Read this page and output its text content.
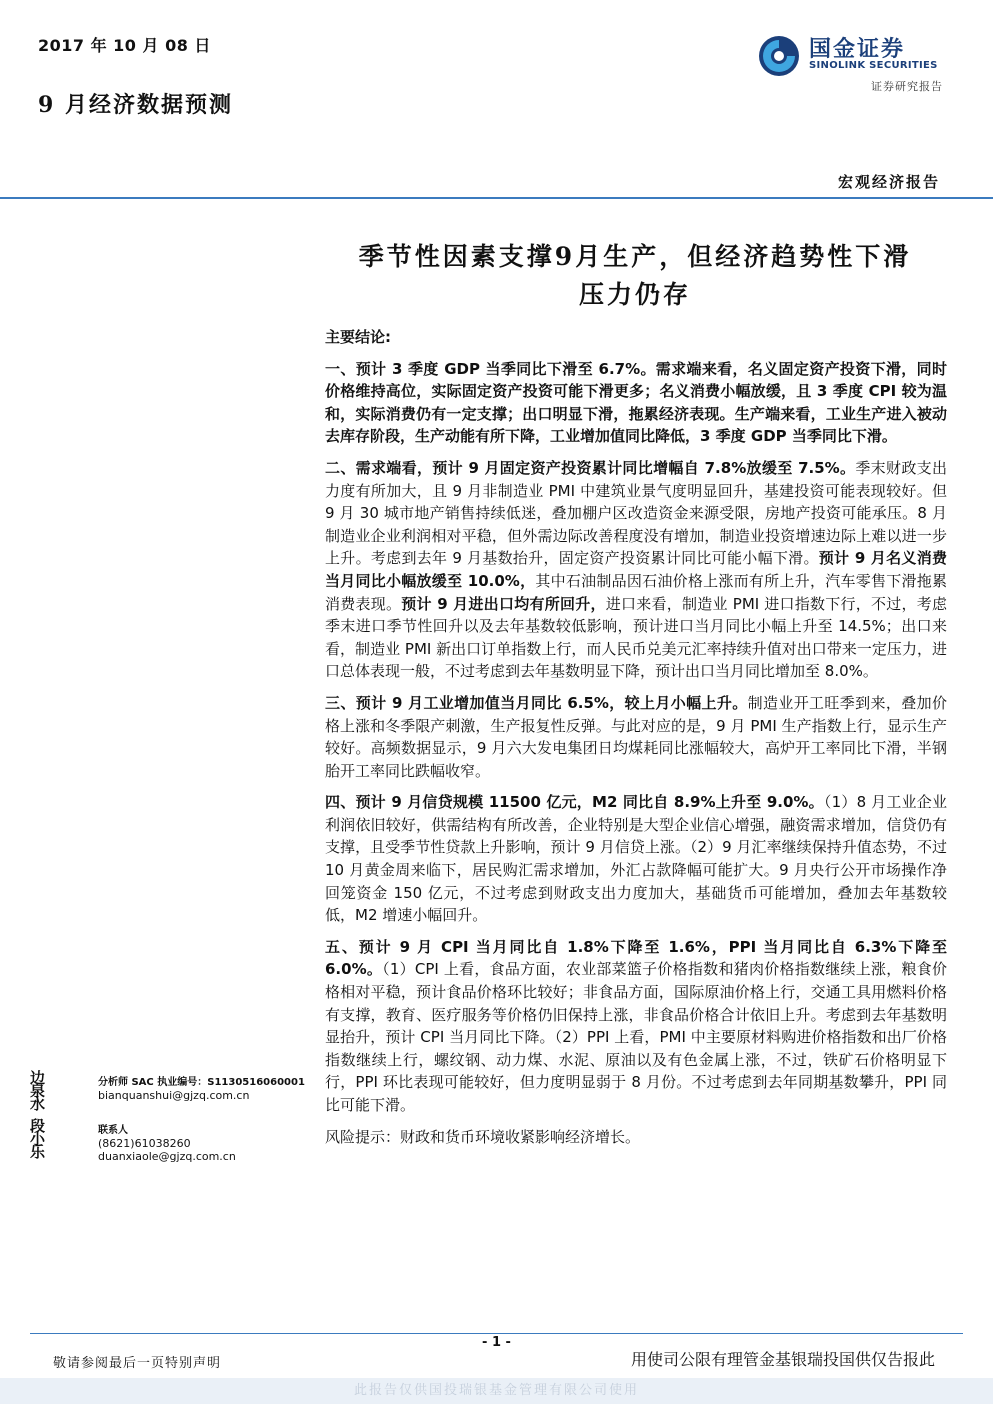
2017 年 10 月 08 日
9 月经济数据预测
国金证券
SINOLINK SECURITIES
证券研究报告
宏观经济报告
季节性因素支撑9月生产，但经济趋势性下滑
压力仍存
主要结论:

一、预计 3 季度 GDP 当季同比下滑至 6.7%。需求端来看，名义固定资产投资下滑，同时价格维持高位，实际固定资产投资可能下滑更多；名义消费小幅放缓，且 3 季度 CPI 较为温和，实际消费仍有一定支撑；出口明显下滑，拖累经济表现。生产端来看，工业生产进入被动去库存阶段，生产动能有所下降，工业增加值同比降低，3 季度 GDP 当季同比下滑。

二、需求端看，预计 9 月固定资产投资累计同比增幅自 7.8%放缓至 7.5%。季末财政支出力度有所加大，且 9 月非制造业 PMI 中建筑业景气度明显回升，基建投资可能表现较好。但 9 月 30 城市地产销售持续低迷，叠加棚户区改造资金来源受限，房地产投资可能承压。8 月制造业企业利润相对平稳，但外需边际改善程度没有增加，制造业投资增速边际上难以进一步上升。考虑到去年 9 月基数抬升，固定资产投资累计同比可能小幅下滑。预计 9 月名义消费当月同比小幅放缓至 10.0%，其中石油制品因石油价格上涨而有所上升，汽车零售下滑拖累消费表现。预计 9 月进出口均有所回升，进口来看，制造业 PMI 进口指数下行，不过，考虑季末进口季节性回升以及去年基数较低影响，预计进口当月同比小幅上升至 14.5%；出口来看，制造业 PMI 新出口订单指数上行，而人民币兑美元汇率持续升值对出口带来一定压力，进口总体表现一般，不过考虑到去年基数明显下降，预计出口当月同比增加至 8.0%。

三、预计 9 月工业增加值当月同比 6.5%，较上月小幅上升。制造业开工旺季到来，叠加价格上涨和冬季限产刺激，生产报复性反弹。与此对应的是，9 月 PMI 生产指数上行，显示生产较好。高频数据显示，9 月六大发电集团日均煤耗同比涨幅较大，高炉开工率同比下滑，半钢胎开工率同比跌幅收窄。

四、预计 9 月信贷规模 11500 亿元，M2 同比自 8.9%上升至 9.0%。（1）8 月工业企业利润依旧较好，供需结构有所改善，企业特别是大型企业信心增强，融资需求增加，信贷仍有支撑，且受季节性贷款上升影响，预计 9 月信贷上涨。（2）9 月汇率继续保持升值态势，不过 10 月黄金周来临下，居民购汇需求增加，外汇占款降幅可能扩大。9 月央行公开市场操作净回笼资金 150 亿元，不过考虑到财政支出力度加大，基础货币可能增加，叠加去年基数较低，M2 增速小幅回升。

五、预计 9 月 CPI 当月同比自 1.8%下降至 1.6%，PPI 当月同比自 6.3%下降至 6.0%。（1）CPI 上看，食品方面，农业部菜篮子价格指数和猪肉价格指数继续上涨，粮食价格相对平稳，预计食品价格环比较好；非食品方面，国际原油价格上行，交通工具用燃料价格有支撑，教育、医疗服务等价格仍旧保持上涨，非食品价格合计依旧上升。考虑到去年基数明显抬升，预计 CPI 当月同比下降。（2）PPI 上看，PMI 中主要原材料购进价格指数和出厂价格指数继续上行，螺纹钢、动力煤、水泥、原油以及有色金属上涨，不过，铁矿石价格明显下行，PPI 环比表现可能较好，但力度明显弱于 8 月份。不过考虑到去年同期基数攀升，PPI 同比可能下滑。

风险提示：财政和货币环境收紧影响经济增长。

边泉水
分析师 SAC 执业编号：S1130516060001
bianquanshui@gjzq.com.cn
段小乐
联系人
(8621)61038260
duanxiaole@gjzq.com.cn
- 1 -
敬请参阅最后一页特别声明	用使司公限有理管金基银瑞投国供仅告报此
此报告仅供国投瑞银基金管理有限公司使用
